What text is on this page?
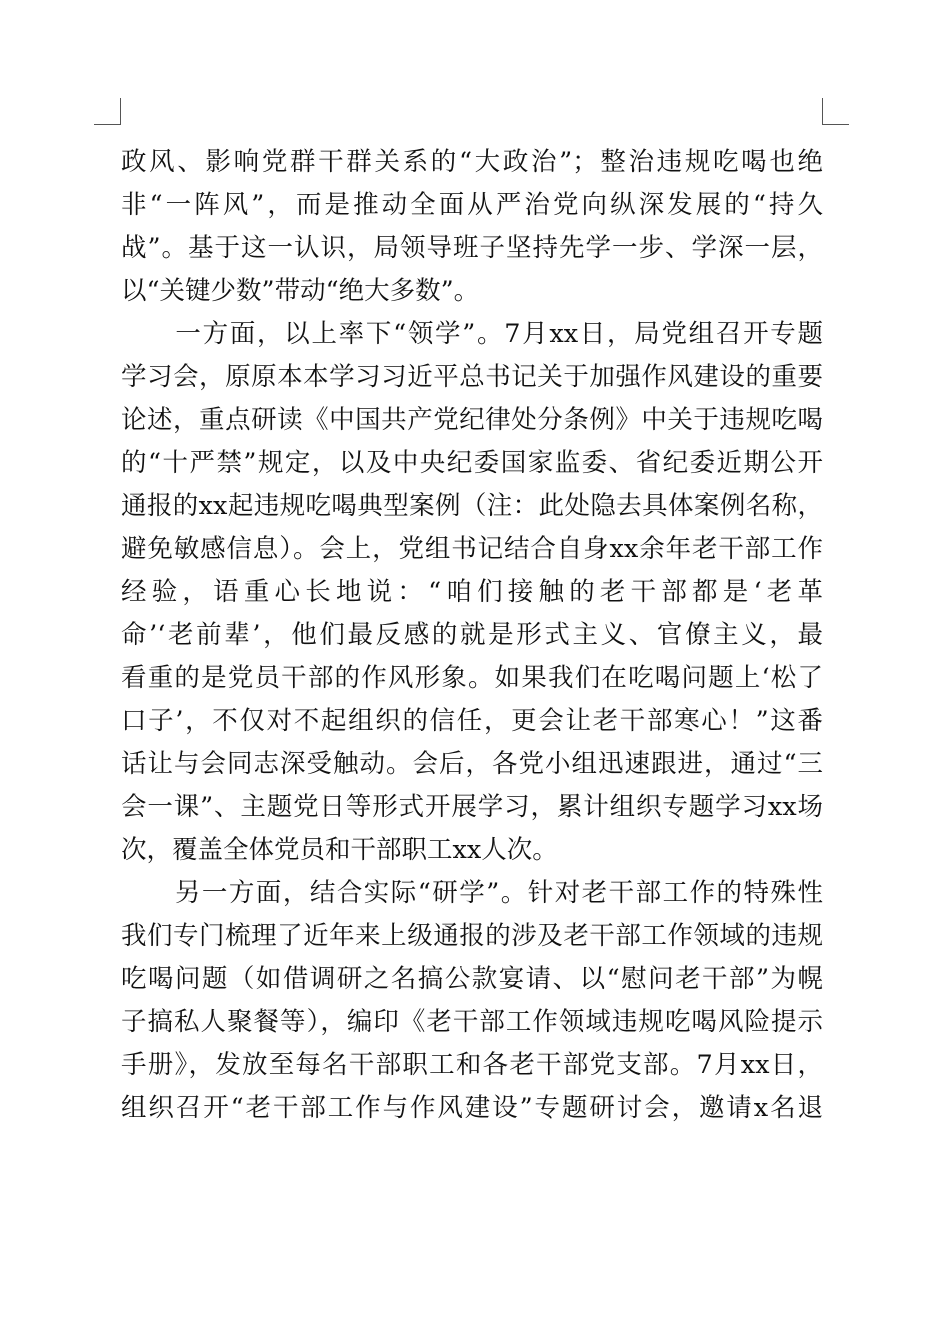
政风、影响党群干群关系的“大政治”；整治违规吃喝也绝
非“一阵风”，而是推动全面从严治党向纵深发展的“持久
战”。基于这一认识，局领导班子坚持先学一步、学深一层，
以“关键少数”带动“绝大多数”。
　　一方面，以上率下“领学”。7月xx日，局党组召开专题
学习会，原原本本学习习近平总书记关于加强作风建设的重要
论述，重点研读《中国共产党纪律处分条例》中关于违规吃喝
的“十严禁”规定，以及中央纪委国家监委、省纪委近期公开
通报的xx起违规吃喝典型案例（注：此处隐去具体案例名称，
避免敏感信息）。会上，党组书记结合自身xx余年老干部工作
经验，语重心长地说：“咱们接触的老干部都是‘老革
命’‘老前辈’，他们最反感的就是形式主义、官僚主义，最
看重的是党员干部的作风形象。如果我们在吃喝问题上‘松了
口子’，不仅对不起组织的信任，更会让老干部寒心！”这番
话让与会同志深受触动。会后，各党小组迅速跟进，通过“三
会一课”、主题党日等形式开展学习，累计组织专题学习xx场
次，覆盖全体党员和干部职工xx人次。
　　另一方面，结合实际“研学”。针对老干部工作的特殊性
我们专门梳理了近年来上级通报的涉及老干部工作领域的违规
吃喝问题（如借调研之名搞公款宴请、以“慰问老干部”为幌
子搞私人聚餐等），编印《老干部工作领域违规吃喝风险提示
手册》，发放至每名干部职工和各老干部党支部。7月xx日，
组织召开“老干部工作与作风建设”专题研讨会，邀请x名退
